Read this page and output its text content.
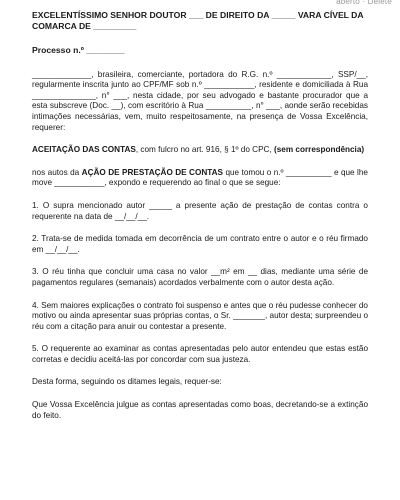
aberto · Delete

EXCELENTÍSSIMO SENHOR DOUTOR ___ DE DIREITO DA _____ VARA CÍVEL DA COMARCA DE _________

Processo n.º ________

_____________, brasileira, comerciante, portadora do R.G. n.º ____________, SSP/__, regularmente inscrita junto ao CPF/MF sob n.º ___________, residente e domiciliada à Rua ______________, n° ___, nesta cidade, por seu advogado e bastante procurador que a esta subscreve (Doc. __), com escritório à Rua __________, n° ___, aonde serão recebidas intimações necessárias, vem, muito respeitosamente, na presença de Vossa Excelência, requerer:

ACEITAÇÃO DAS CONTAS, com fulcro no art. 916, § 1º do CPC, (sem correspondência)

nos autos da AÇÃO DE PRESTAÇÃO DE CONTAS que tomou o n.º __________ e que lhe move ___________, expondo e requerendo ao final o que se segue:

1. O supra mencionado autor _____ a presente ação de prestação de contas contra o requerente na data de __/__/__.

2. Trata-se de medida tomada em decorrência de um contrato entre o autor e o réu firmado em __/__/__.

3. O réu tinha que concluir uma casa no valor __m² em __ dias, mediante uma série de pagamentos regulares (semanais) acordados verbalmente com o autor desta ação.

4. Sem maiores explicações o contrato foi suspenso e antes que o réu pudesse conhecer do motivo ou ainda apresentar suas próprias contas, o Sr. _______, autor desta; surpreendeu o réu com a citação para anuir ou contestar a presente.

5. O requerente ao examinar as contas apresentadas pelo autor entendeu que estas estão corretas e decidiu aceitá-las por concordar com sua justeza.

Desta forma, seguindo os ditames legais, requer-se:

Que Vossa Excelência julgue as contas apresentadas como boas, decretando-se a extinção do feito.
